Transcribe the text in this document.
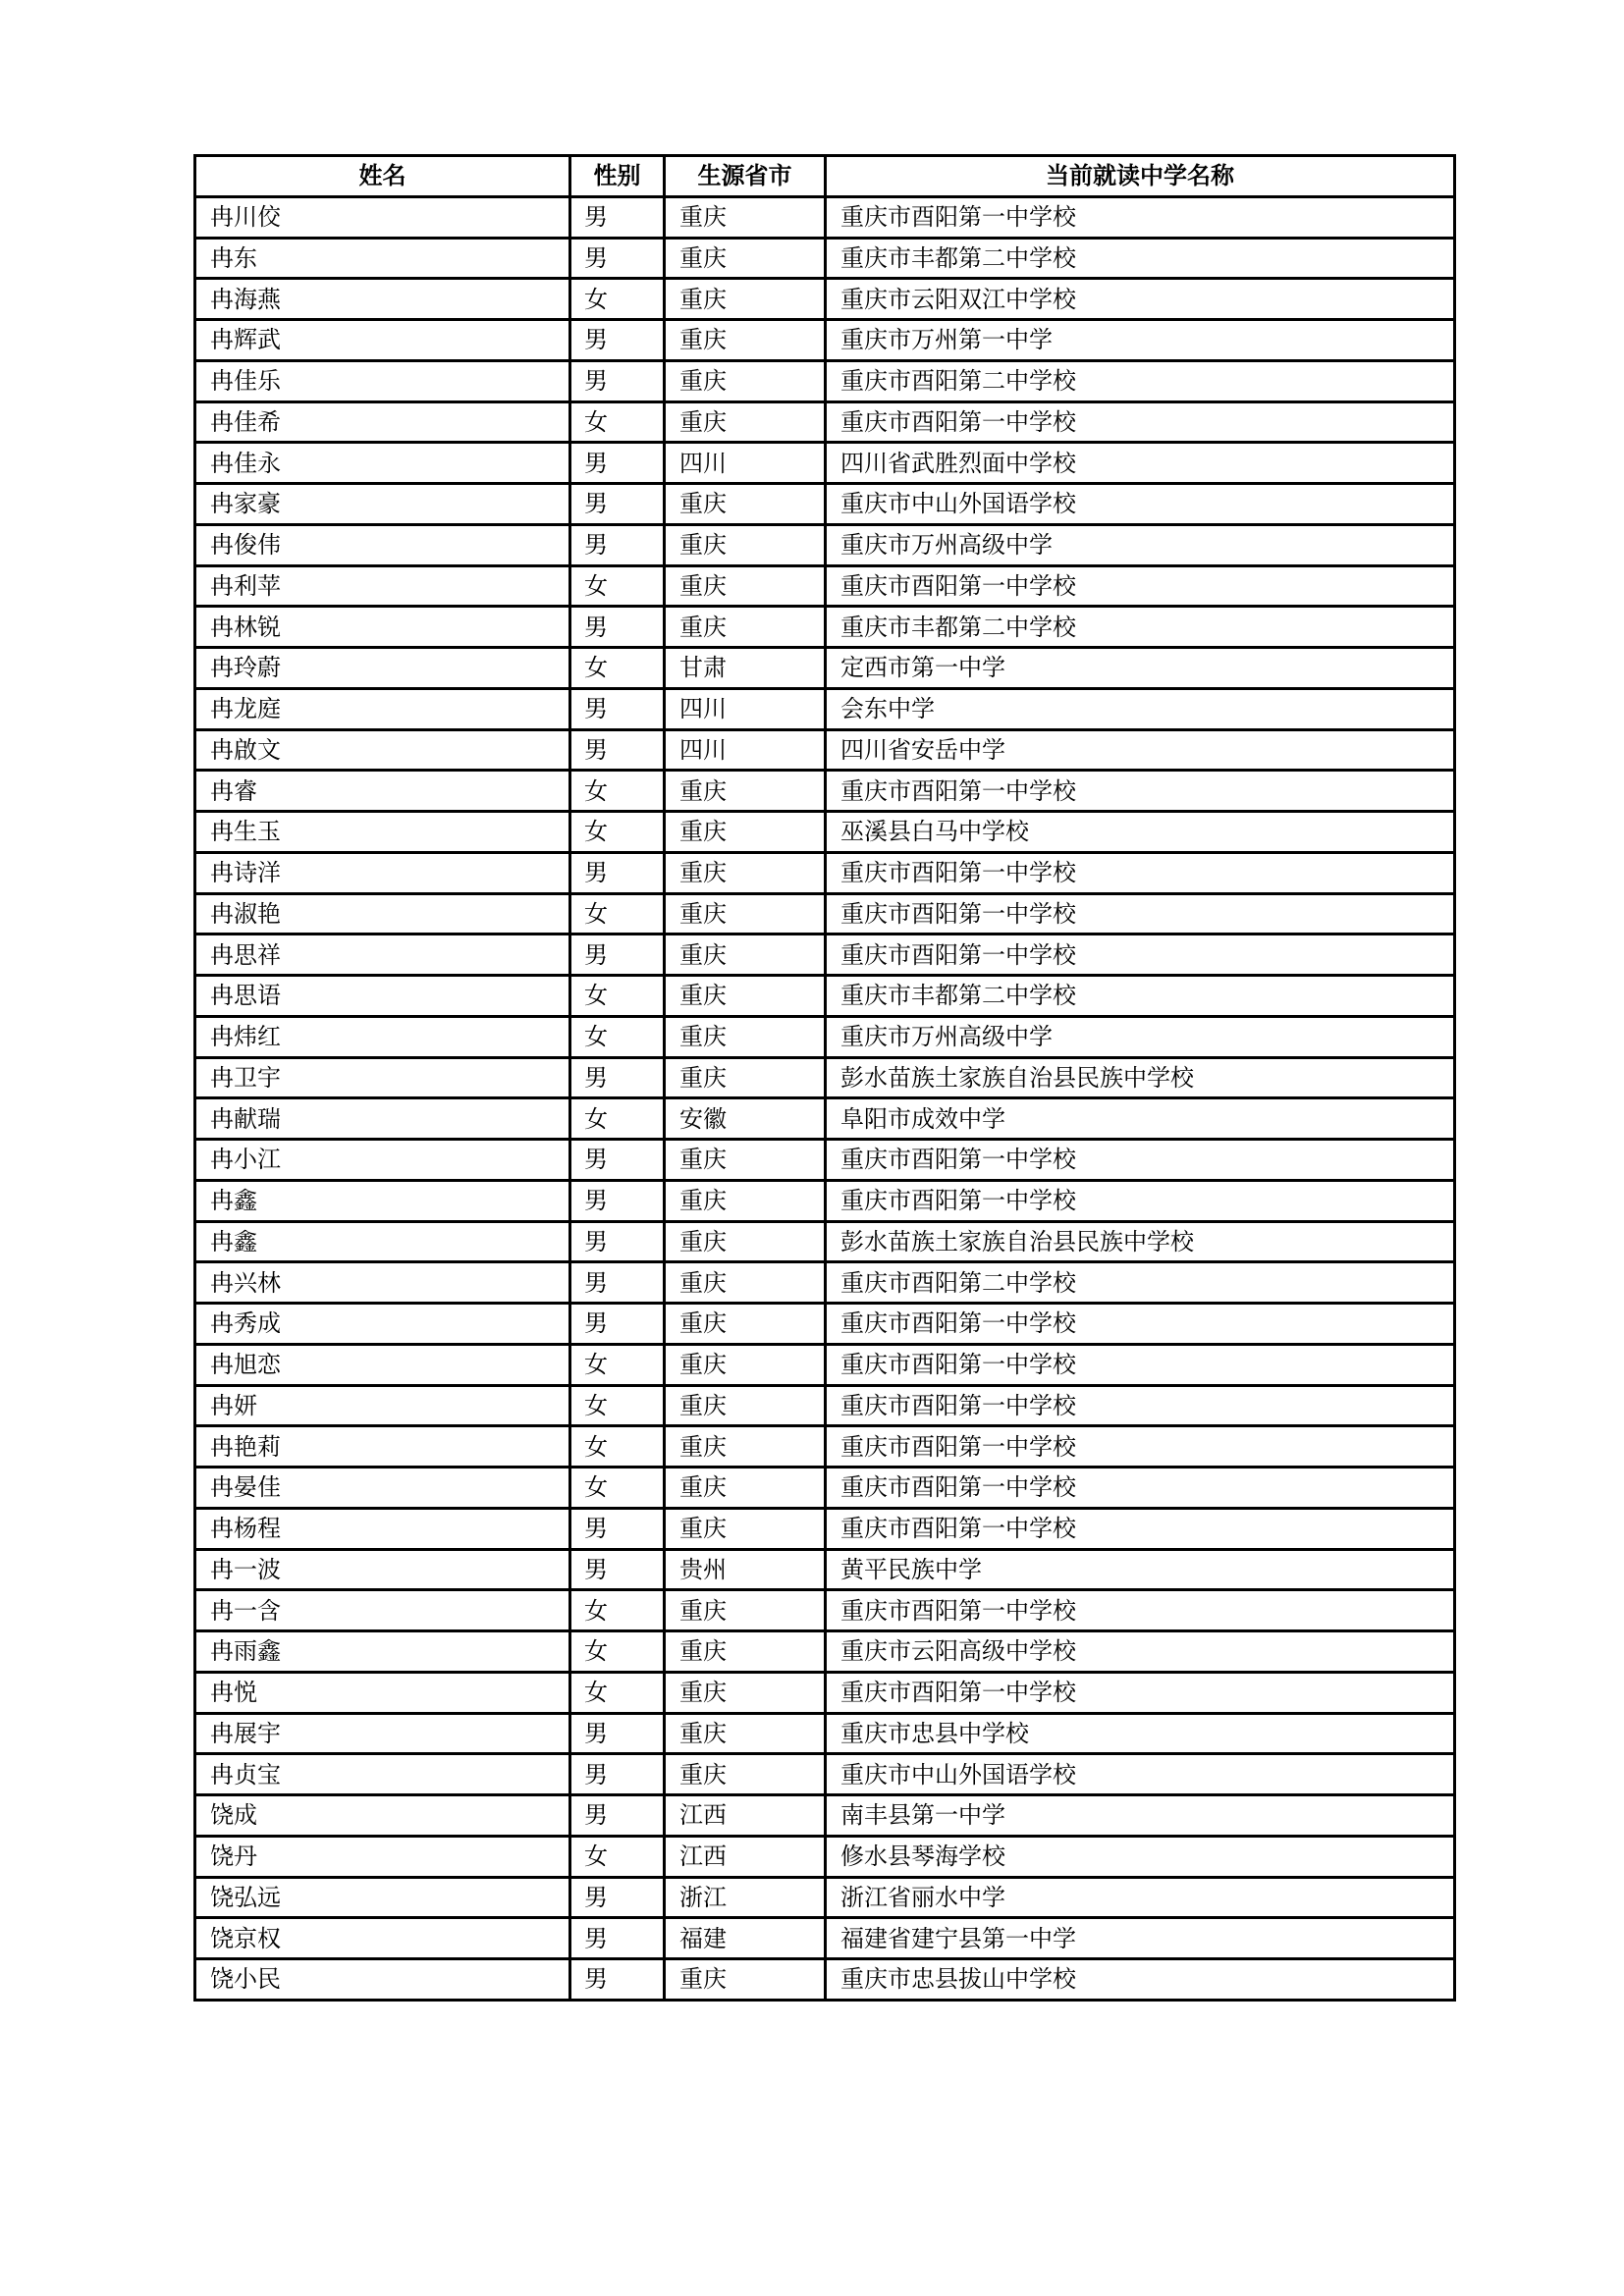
姓名	性别	生源省市	当前就读中学名称
冉川佼	男	重庆	重庆市酉阳第一中学校
冉东	男	重庆	重庆市丰都第二中学校
冉海燕	女	重庆	重庆市云阳双江中学校
冉辉武	男	重庆	重庆市万州第一中学
冉佳乐	男	重庆	重庆市酉阳第二中学校
冉佳希	女	重庆	重庆市酉阳第一中学校
冉佳永	男	四川	四川省武胜烈面中学校
冉家豪	男	重庆	重庆市中山外国语学校
冉俊伟	男	重庆	重庆市万州高级中学
冉利苹	女	重庆	重庆市酉阳第一中学校
冉林锐	男	重庆	重庆市丰都第二中学校
冉玲蔚	女	甘肃	定西市第一中学
冉龙庭	男	四川	会东中学
冉啟文	男	四川	四川省安岳中学
冉睿	女	重庆	重庆市酉阳第一中学校
冉生玉	女	重庆	巫溪县白马中学校
冉诗洋	男	重庆	重庆市酉阳第一中学校
冉淑艳	女	重庆	重庆市酉阳第一中学校
冉思祥	男	重庆	重庆市酉阳第一中学校
冉思语	女	重庆	重庆市丰都第二中学校
冉炜红	女	重庆	重庆市万州高级中学
冉卫宇	男	重庆	彭水苗族土家族自治县民族中学校
冉献瑞	女	安徽	阜阳市成效中学
冉小江	男	重庆	重庆市酉阳第一中学校
冉鑫	男	重庆	重庆市酉阳第一中学校
冉鑫	男	重庆	彭水苗族土家族自治县民族中学校
冉兴林	男	重庆	重庆市酉阳第二中学校
冉秀成	男	重庆	重庆市酉阳第一中学校
冉旭恋	女	重庆	重庆市酉阳第一中学校
冉妍	女	重庆	重庆市酉阳第一中学校
冉艳莉	女	重庆	重庆市酉阳第一中学校
冉晏佳	女	重庆	重庆市酉阳第一中学校
冉杨程	男	重庆	重庆市酉阳第一中学校
冉一波	男	贵州	黄平民族中学
冉一含	女	重庆	重庆市酉阳第一中学校
冉雨鑫	女	重庆	重庆市云阳高级中学校
冉悦	女	重庆	重庆市酉阳第一中学校
冉展宇	男	重庆	重庆市忠县中学校
冉贞宝	男	重庆	重庆市中山外国语学校
饶成	男	江西	南丰县第一中学
饶丹	女	江西	修水县琴海学校
饶弘远	男	浙江	浙江省丽水中学
饶京权	男	福建	福建省建宁县第一中学
饶小民	男	重庆	重庆市忠县拔山中学校
